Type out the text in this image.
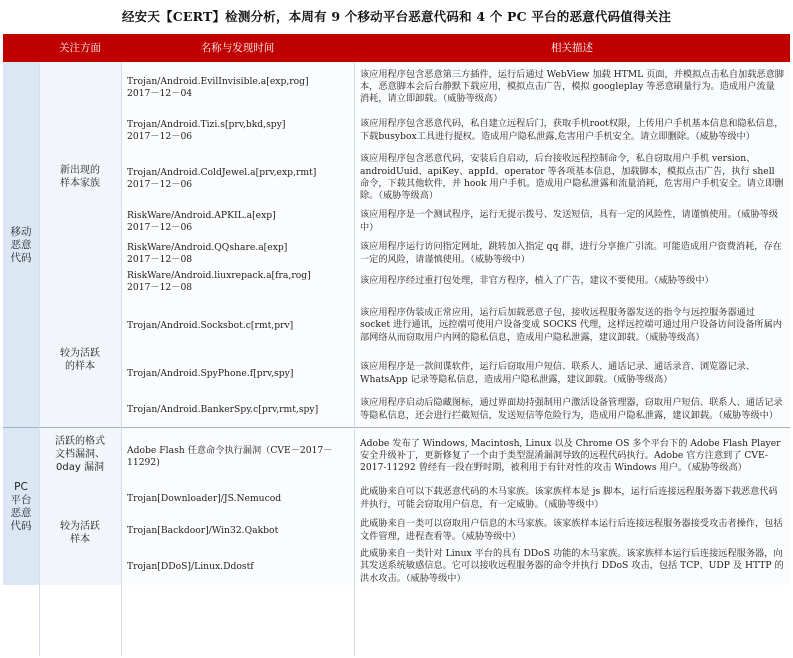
经安天【CERT】检测分析，本周有 9 个移动平台恶意代码和 4 个 PC 平台的恶意代码值得关注
关注方面	名称与发现时间	相关描述
移动
恶意
代码
新出现的
样本家族
Trojan/Android.EvilInvisible.a[exp,rog]
2017－12－04
该应用程序包含恶意第三方插件，运行后通过 WebView 加载 HTML 页面，并模拟点击私自加载恶意脚本，恶意脚本会后台静默下载应用，模拟点击广告，模拟 googleplay 等恶意刷量行为。造成用户流量消耗，请立即卸载。（威胁等级高）
Trojan/Android.Tizi.s[prv,bkd,spy]
2017－12－06
该应用程序包含恶意代码，私自建立远程后门，获取手机root权限，上传用户手机基本信息和隐私信息，下载busybox工具进行提权。造成用户隐私泄露,危害用户手机安全。请立即删除。（威胁等级中）
Trojan/Android.ColdJewel.a[prv,exp,rmt]
2017－12－06
该应用程序包含恶意代码，安装后自启动，后台接收远程控制命令，私自窃取用户手机 version、androidUuid、apiKey、appId、operator 等各项基本信息，加载脚本，模拟点击广告，执行 shell 命令，下载其他软件，并 hook 用户手机。造成用户隐私泄露和流量消耗，危害用户手机安全。请立即删除。（威胁等级高）
RiskWare/Android.APKIL.a[exp]
2017－12－06
该应用程序是一个测试程序，运行无提示拨号、发送短信，具有一定的风险性，请谨慎使用。（威胁等级中）
RiskWare/Android.QQshare.a[exp]
2017－12－08
该应用程序运行访问指定网址，跳转加入指定 qq 群，进行分享推广引流。可能造成用户资费消耗，存在一定的风险，请谨慎使用。（威胁等级中）
RiskWare/Android.liuxrepack.a[fra,rog]
2017－12－08
该应用程序经过重打包处理，非官方程序，植入了广告，建议不要使用。（威胁等级中）
较为活跃
的样本
Trojan/Android.Socksbot.c[rmt,prv]
该应用程序伪装成正常应用，运行后加载恶意子包，接收远程服务器发送的指令与远控服务器通过 socket 进行通讯，远控端可使用户设备变成 SOCKS 代理，这样远控端可通过用户设备访问设备所属内部网络从而窃取用户内网的隐私信息，造成用户隐私泄露，建议卸载。（威胁等级高）
Trojan/Android.SpyPhone.f[prv,spy]
该应用程序是一款间谍软件，运行后窃取用户短信、联系人、通话记录、通话录音、浏览器记录、WhatsApp 记录等隐私信息，造成用户隐私泄露，建议卸载。（威胁等级高）
Trojan/Android.BankerSpy.c[prv,rmt,spy]
该应用程序启动后隐藏图标，通过界面劫持强制用户激活设备管理器，窃取用户短信、联系人、通话记录等隐私信息，还会进行拦截短信，发送短信等危险行为，造成用户隐私泄露，建议卸载。（威胁等级中）
PC
平台
恶意
代码
活跃的格式
文档漏洞、
0day 漏洞
Adobe Flash 任意命令执行漏洞（CVE－2017－11292)
Adobe 发布了 Windows, Macintosh, Linux 以及 Chrome OS 多个平台下的 Adobe Flash Player 安全升级补丁，更新修复了一个由于类型混淆漏洞导致的远程代码执行。Adobe 官方注意到了 CVE-2017-11292 曾经有一段在野时期，被利用于有针对性的攻击 Windows 用户。（威胁等级高）
较为活跃
样本
Trojan[Downloader]/JS.Nemucod
此威胁来自可以下载恶意代码的木马家族。该家族样本是 js 脚本，运行后连接远程服务器下载恶意代码并执行，可能会窃取用户信息，有一定威胁。（威胁等级中）
Trojan[Backdoor]/Win32.Qakbot
此威胁来自一类可以窃取用户信息的木马家族。该家族样本运行后连接远程服务器接受攻击者操作，包括文件管理，进程查看等。（威胁等级中）
Trojan[DDoS]/Linux.Ddostf
此威胁来自一类针对 Linux 平台的具有 DDoS 功能的木马家族。该家族样本运行后连接远程服务器，向其发送系统敏感信息。它可以接收远程服务器的命令并执行 DDoS 攻击，包括 TCP、UDP 及 HTTP 的洪水攻击。（威胁等级中）
